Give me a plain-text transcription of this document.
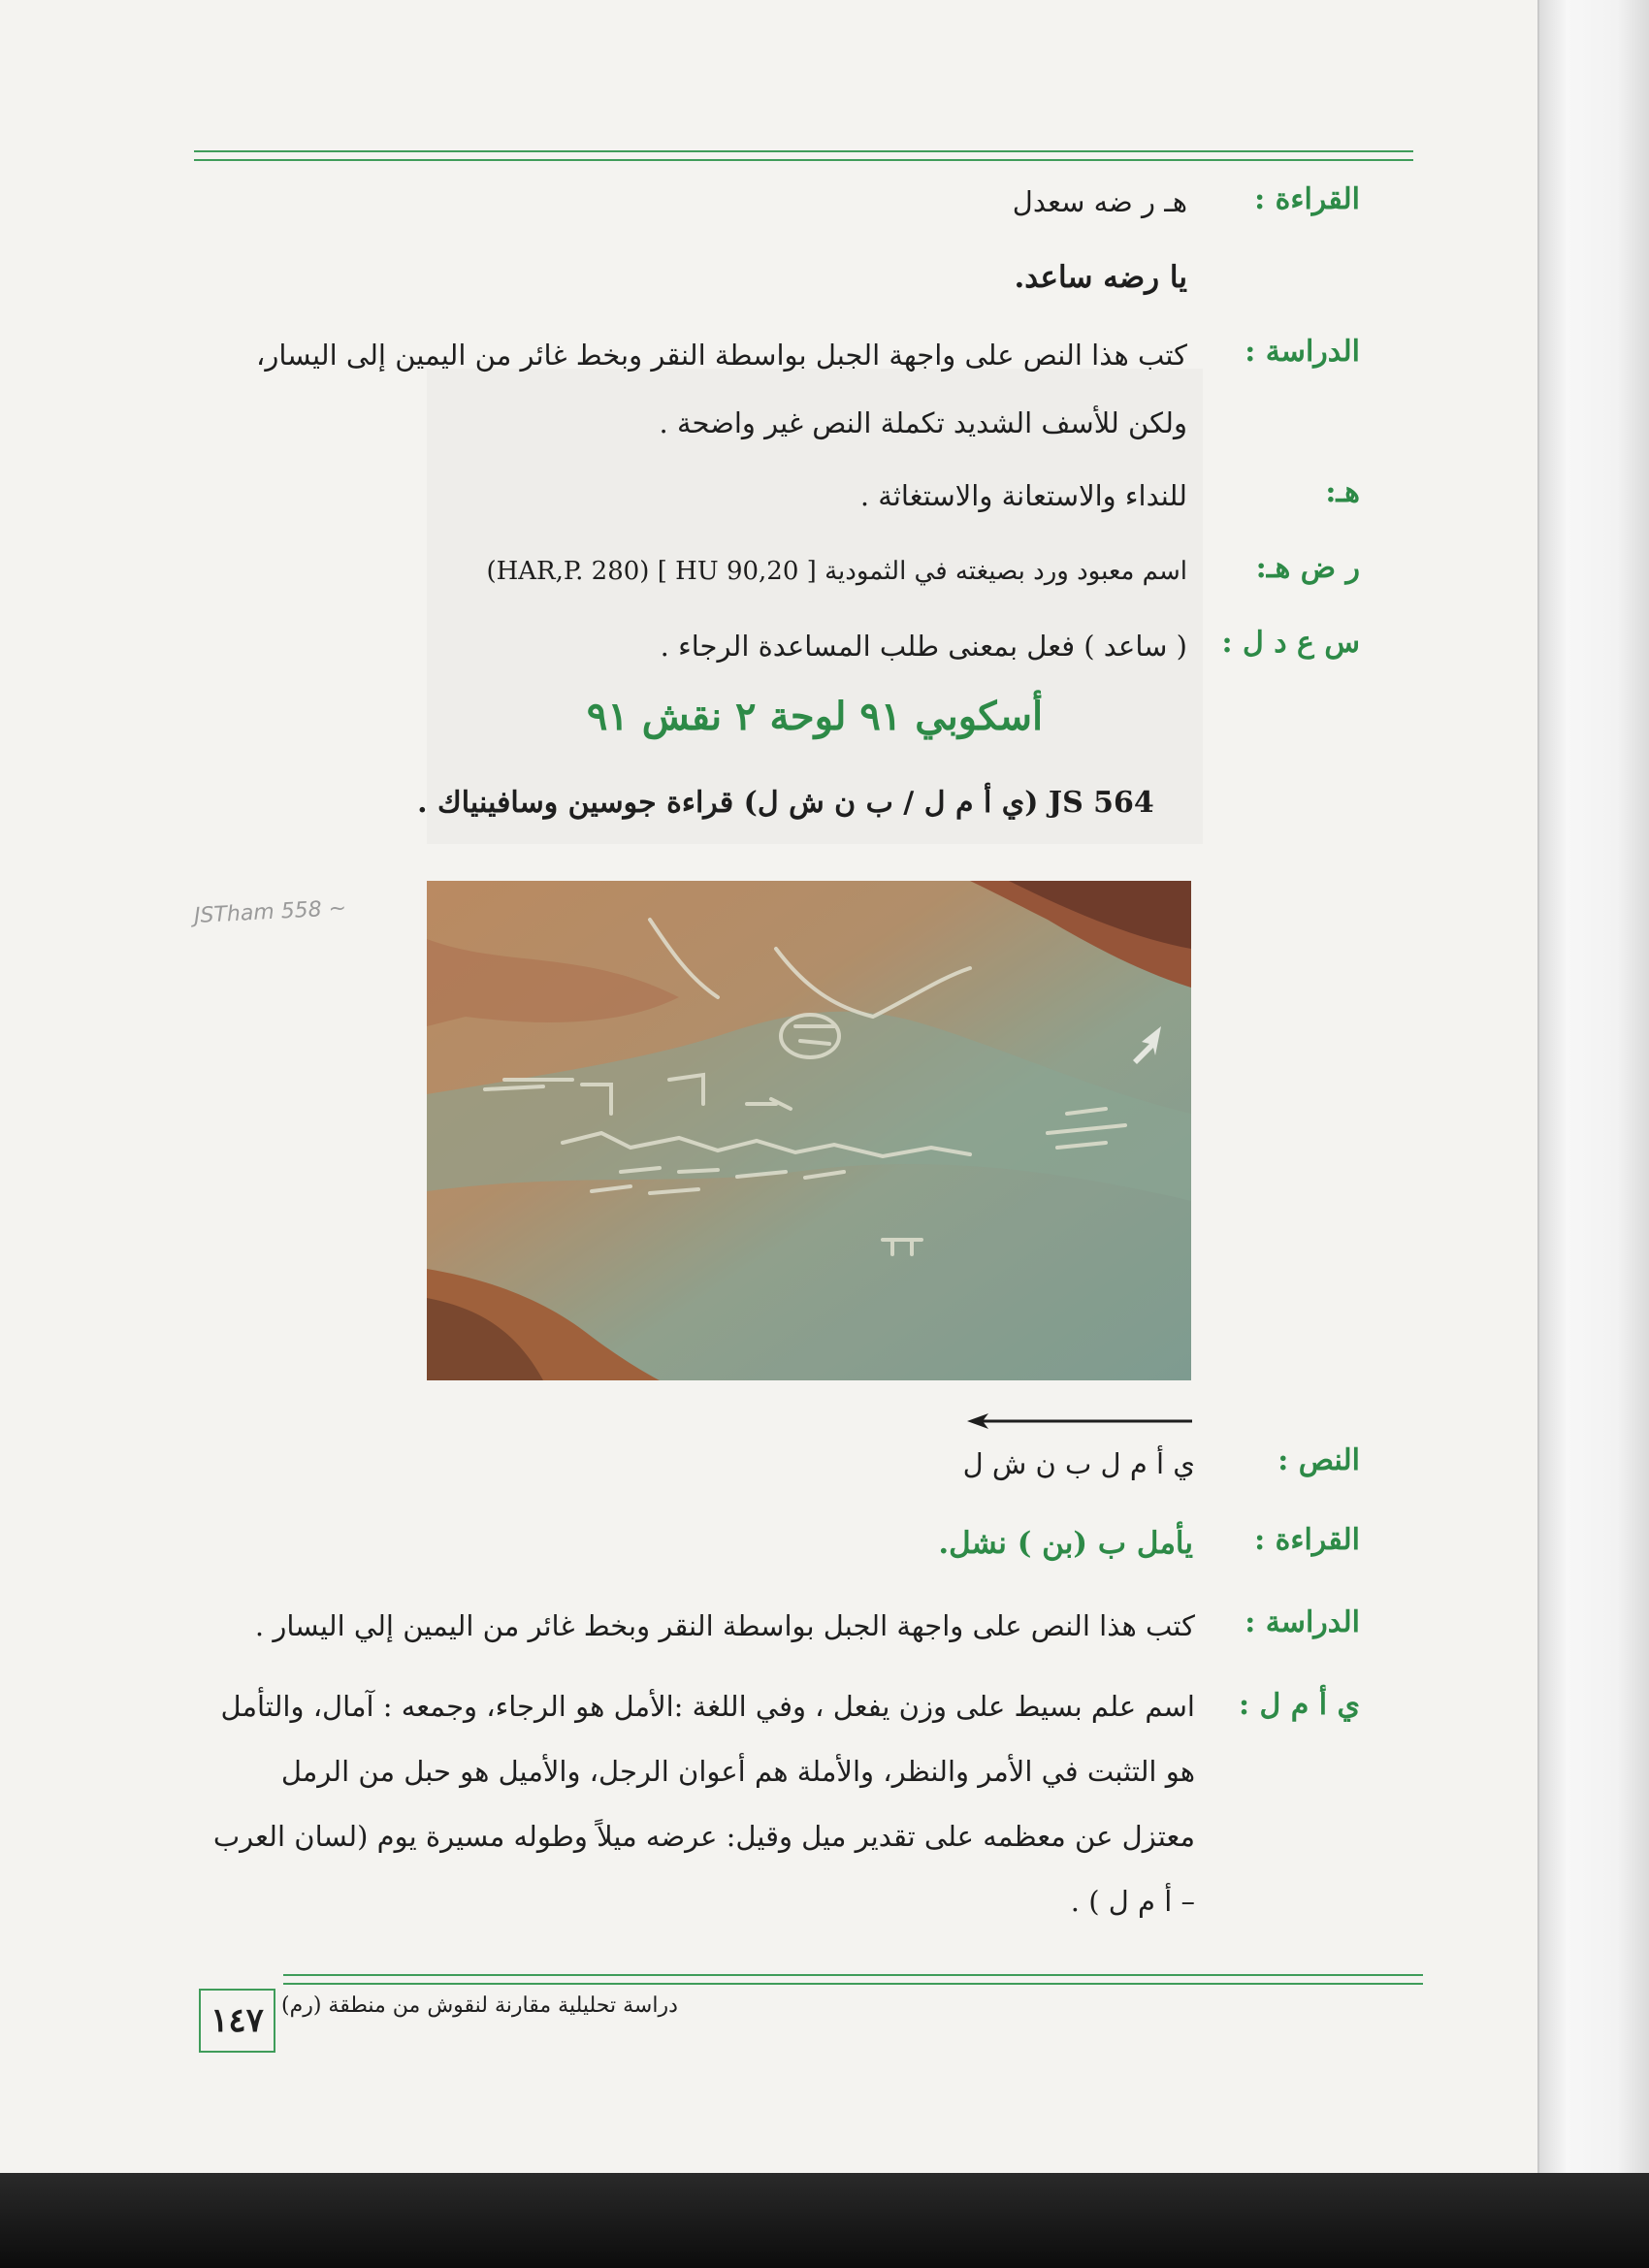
القراءة :
هـ ر ضه سعدل
يا رضه ساعد.
الدراسة :
كتب هذا النص على واجهة الجبل بواسطة النقر وبخط غائر من اليمين إلى اليسار،
ولكن للأسف الشديد تكملة النص غير واضحة .
هـ:
للنداء والاستعانة والاستغاثة .
ر ض هـ:
اسم معبود ورد بصيغته في الثمودية [ HU 90,20 ] (HAR,P. 280)
س ع د ل :
( ساعد ) فعل بمعنى طلب المساعدة الرجاء .
أسكوبي ٩١ لوحة ٢ نقش ٩١
JS 564 (ي أ م ل / ب ن ش ل) قراءة جوسين وسافينياك .
JSTham 558 ~
النص :
ي أ م ل ب ن ش ل
القراءة :
يأمل ب (بن ) نشل.
الدراسة :
كتب هذا النص على واجهة الجبل بواسطة النقر وبخط غائر من اليمين إلي اليسار .
ي أ م ل :
اسم علم بسيط على وزن يفعل ، وفي اللغة :الأمل هو الرجاء، وجمعه : آمال، والتأمل
هو التثبت في الأمر والنظر، والأملة هم أعوان الرجل، والأميل هو حبل من الرمل
معتزل عن معظمه على تقدير ميل وقيل: عرضه ميلاً وطوله مسيرة يوم (لسان العرب
– أ م ل ) .
١٤٧ دراسة تحليلية مقارنة لنقوش من منطقة (رم)
